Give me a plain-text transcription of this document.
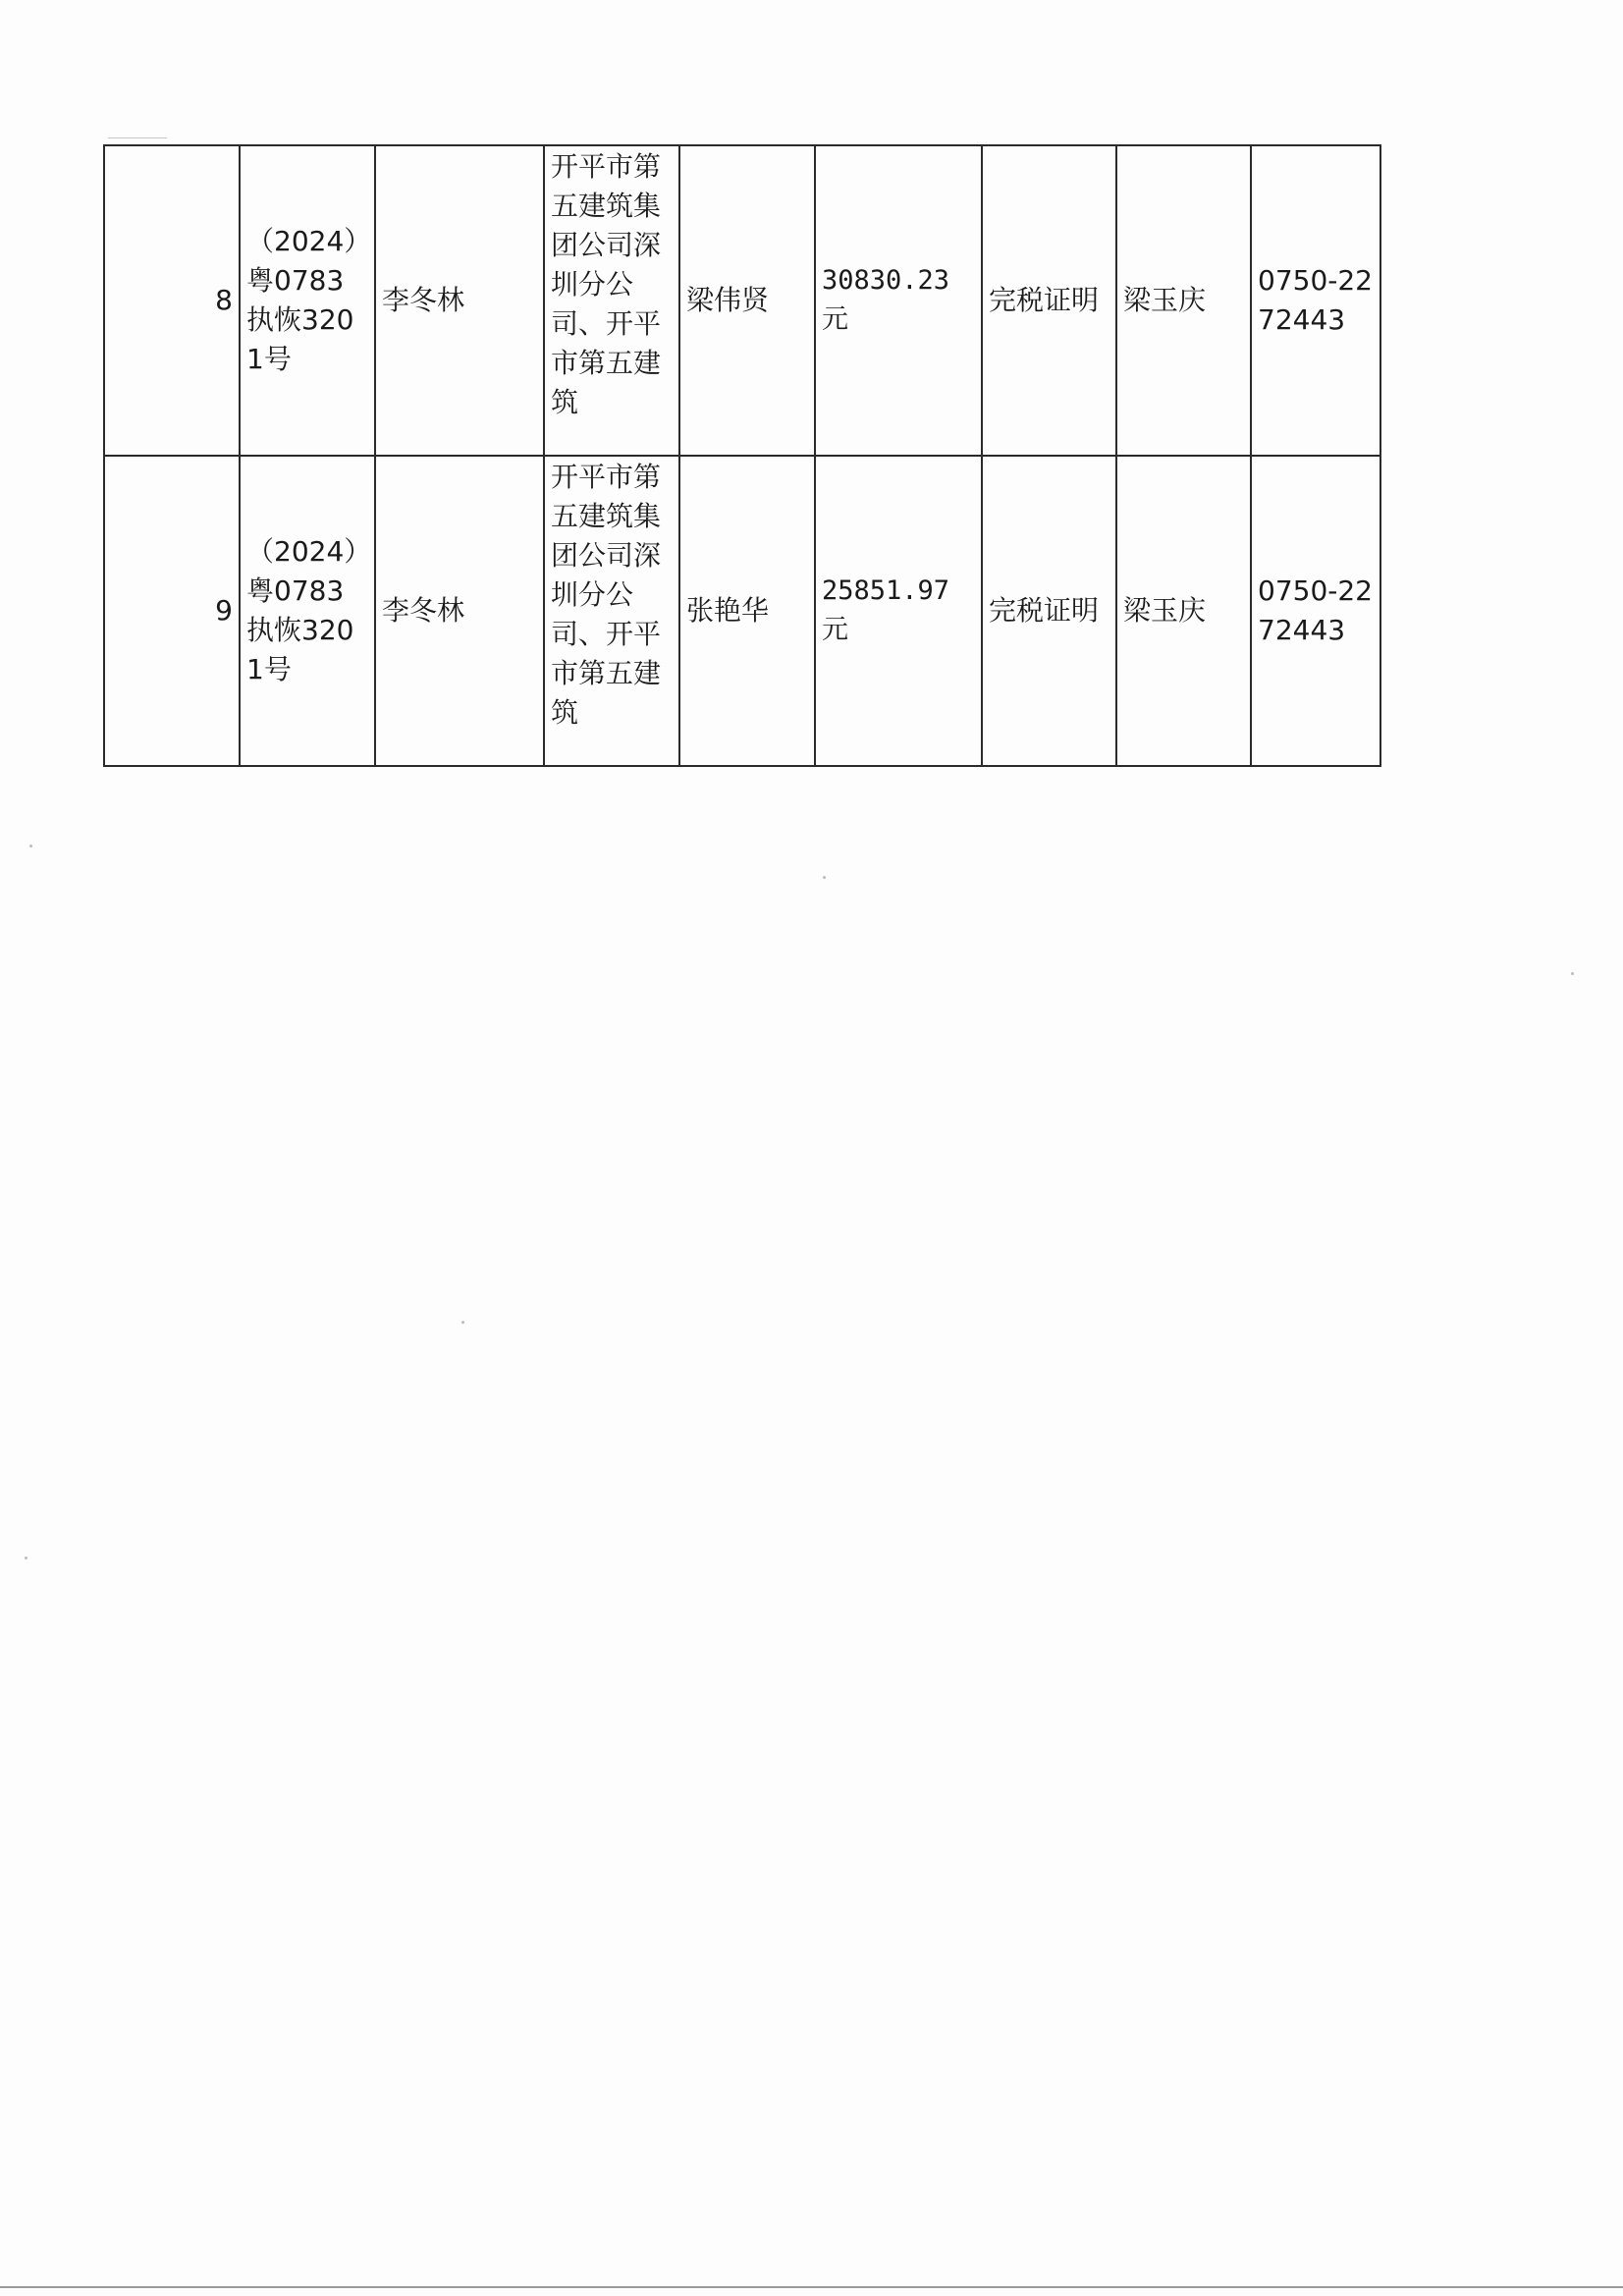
8	（2024）粤0783执恢3201号	李冬林	开平市第五建筑集团公司深圳分公司、开平市第五建筑	梁伟贤	30830.23元	完税证明	梁玉庆	0750-2272443

9	（2024）粤0783执恢3201号	李冬林	开平市第五建筑集团公司深圳分公司、开平市第五建筑	张艳华	25851.97元	完税证明	梁玉庆	0750-2272443
